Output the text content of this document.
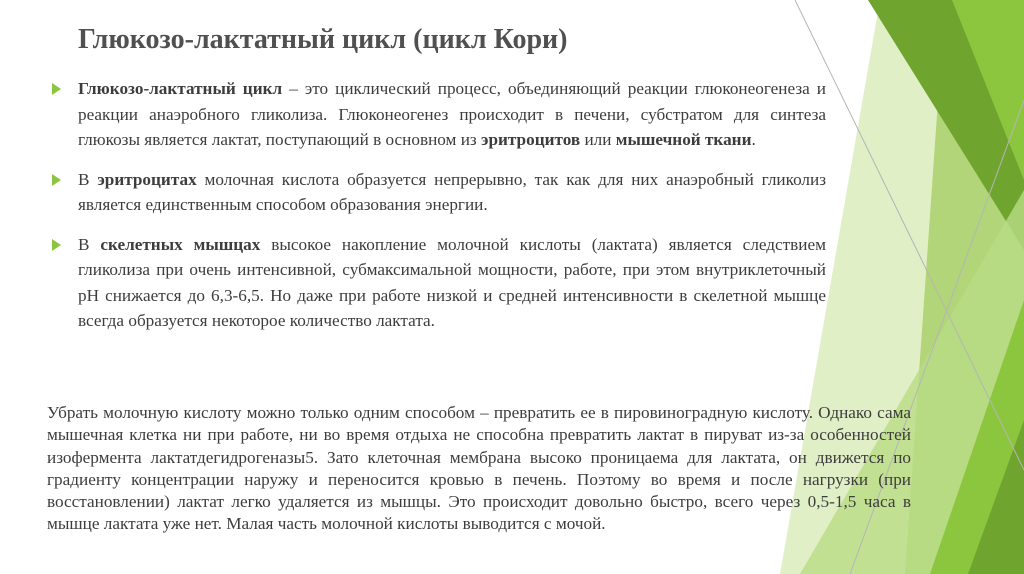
Глюкозо-лактатный цикл (цикл Кори)
Глюкозо-лактатный цикл – это циклический процесс, объединяющий реакции глюконеогенеза и реакции анаэробного гликолиза. Глюконеогенез происходит в печени, субстратом для синтеза глюкозы является лактат, поступающий в основном из эритроцитов или мышечной ткани.
В эритроцитах молочная кислота образуется непрерывно, так как для них анаэробный гликолиз является единственным способом образования энергии.
В скелетных мышцах высокое накопление молочной кислоты (лактата) является следствием гликолиза при очень интенсивной, субмаксимальной мощности, работе, при этом внутриклеточный pH снижается до 6,3-6,5. Но даже при работе низкой и средней интенсивности в скелетной мышце всегда образуется некоторое количество лактата.

Убрать молочную кислоту можно только одним способом – превратить ее в пировиноградную кислоту. Однако сама мышечная клетка ни при работе, ни во время отдыха не способна превратить лактат в пируват из-за особенностей изофермента лактатдегидрогеназы5. Зато клеточная мембрана высоко проницаема для лактата, он движется по градиенту концентрации наружу и переносится кровью в печень. Поэтому во время и после нагрузки (при восстановлении) лактат легко удаляется из мышцы. Это происходит довольно быстро, всего через 0,5-1,5 часа в мышце лактата уже нет. Малая часть молочной кислоты выводится с мочой.
